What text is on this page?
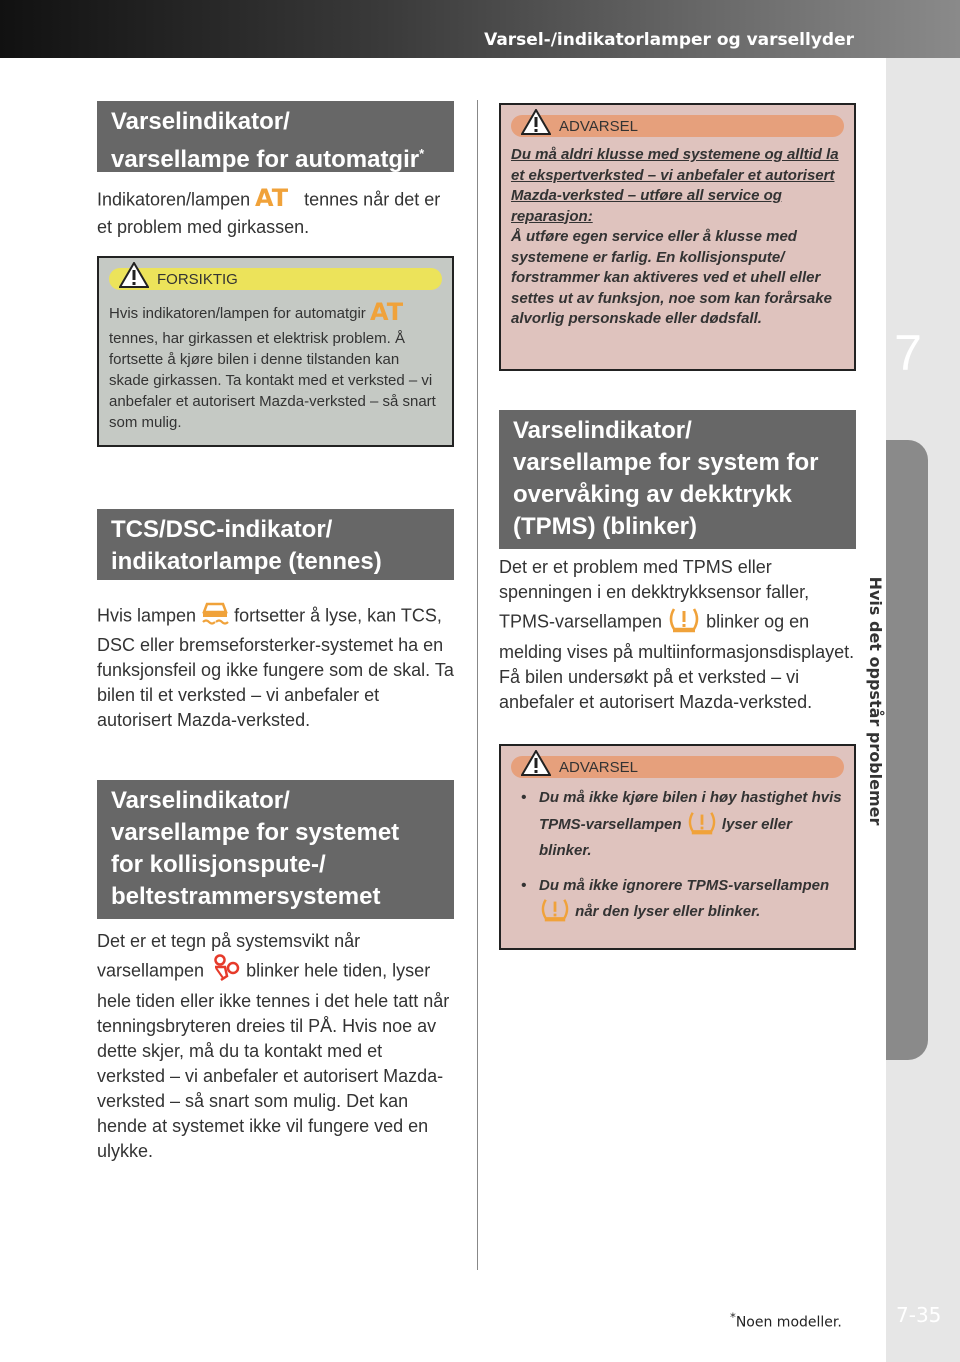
Varsel-/indikatorlamper og varsellyder
7
Hvis det oppstår problemer
7-35
*Noen modeller.
Varselindikator/
varsellampe for automatgir*
Indikatoren/lampen AT tennes når det er et problem med girkassen.
FORSIKTIG
Hvis indikatoren/lampen for automatgir AT
tennes, har girkassen et elektrisk problem. Å fortsette å kjøre bilen i denne tilstanden kan skade girkassen. Ta kontakt med et verksted – vi anbefaler et autorisert Mazda-verksted – så snart som mulig.
TCS/DSC-indikator/
indikatorlampe (tennes)
Hvis lampen fortsetter å lyse, kan TCS, DSC eller bremseforsterker-systemet ha en funksjonsfeil og ikke fungere som de skal. Ta bilen til et verksted – vi anbefaler et autorisert Mazda-verksted.
Varselindikator/
varsellampe for systemet
for kollisjonspute-/
beltestrammersystemet
Det er et tegn på systemsvikt når varsellampen blinker hele tiden, lyser hele tiden eller ikke tennes i det hele tatt når tenningsbryteren dreies til PÅ. Hvis noe av dette skjer, må du ta kontakt med et verksted – vi anbefaler et autorisert Mazda-verksted – så snart som mulig. Det kan hende at systemet ikke vil fungere ved en ulykke.
ADVARSEL
Du må aldri klusse med systemene og alltid la et ekspertverksted – vi anbefaler et autorisert Mazda-verksted – utføre all service og reparasjon:
Å utføre egen service eller å klusse med systemene er farlig. En kollisjonspute/ forstrammer kan aktiveres ved et uhell eller settes ut av funksjon, noe som kan forårsake alvorlig personskade eller dødsfall.
Varselindikator/
varsellampe for system for
overvåking av dekktrykk
(TPMS) (blinker)
Det er et problem med TPMS eller spenningen i en dekktrykksensor faller, TPMS-varsellampen blinker og en melding vises på multiinformasjonsdisplayet. Få bilen undersøkt på et verksted – vi anbefaler et autorisert Mazda-verksted.
ADVARSEL
• Du må ikke kjøre bilen i høy hastighet hvis TPMS-varsellampen	lyser eller blinker.
• Du må ikke ignorere TPMS-varsellampen  når den lyser eller blinker.
